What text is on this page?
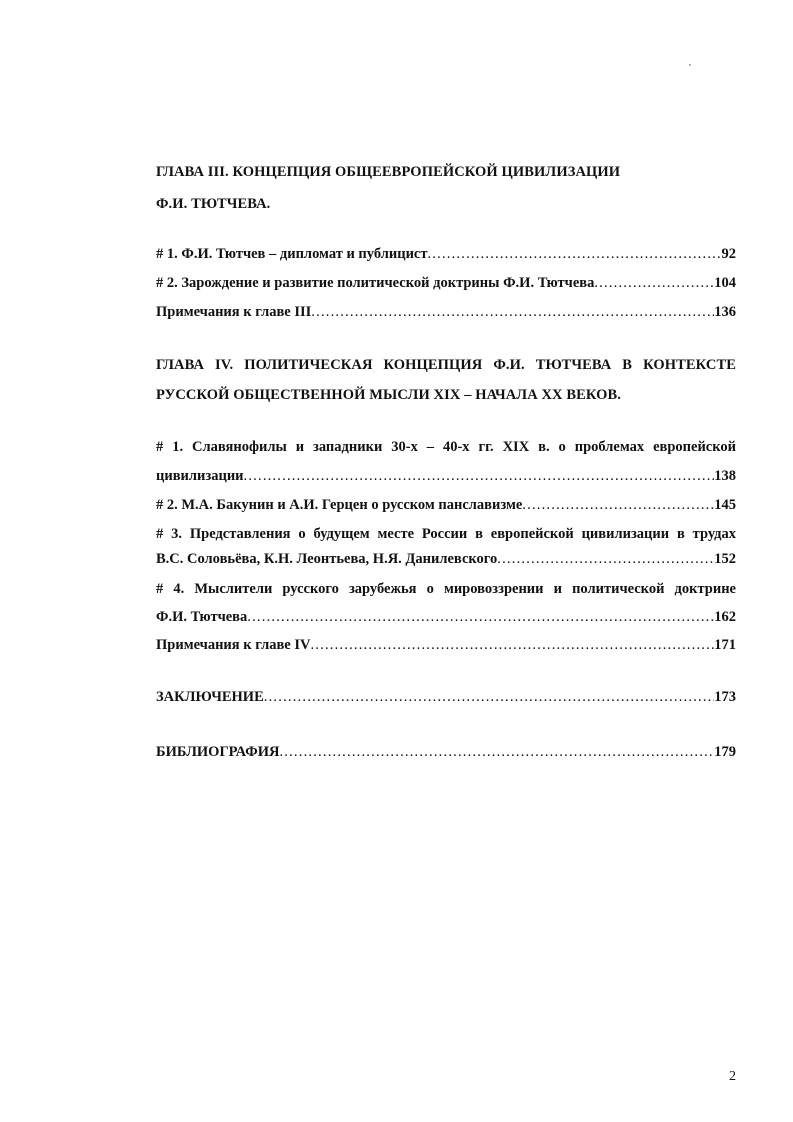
ГЛАВА III. КОНЦЕПЦИЯ ОБЩЕЕВРОПЕЙСКОЙ ЦИВИЛИЗАЦИИ
Ф.И. ТЮТЧЕВА.
# 1. Ф.И. Тютчев – дипломат и публицист .....	92
# 2. Зарождение и развитие политической доктрины Ф.И. Тютчева .....	104
Примечания к главе III .....	136
ГЛАВА IV. ПОЛИТИЧЕСКАЯ КОНЦЕПЦИЯ Ф.И. ТЮТЧЕВА В КОНТЕКСТЕ
РУССКОЙ ОБЩЕСТВЕННОЙ МЫСЛИ XIX – НАЧАЛА XX ВЕКОВ.
# 1. Славянофилы и западники 30-х – 40-х гг. XIX в. о проблемах европейской
цивилизации .....	138
# 2. М.А. Бакунин и А.И. Герцен о русском панславизме .....	145
# 3. Представления о будущем месте России в европейской цивилизации в трудах
В.С. Соловьёва, К.Н. Леонтьева, Н.Я. Данилевского .....	152
# 4. Мыслители русского зарубежья о мировоззрении и политической доктрине
Ф.И. Тютчева .....	162
Примечания к главе IV .....	171
ЗАКЛЮЧЕНИЕ .....	173
БИБЛИОГРАФИЯ .....	179
2
